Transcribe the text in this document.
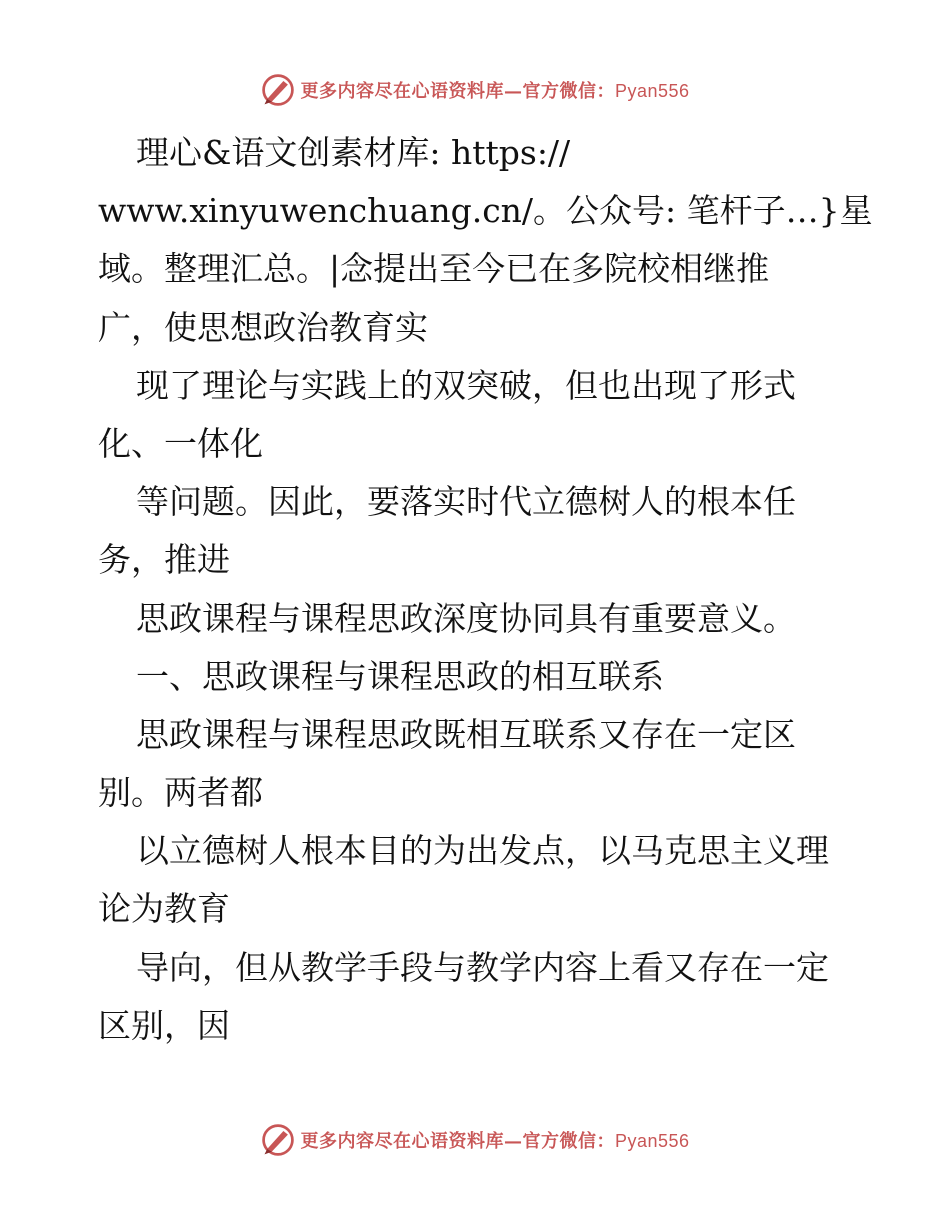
更多内容尽在心语资料库—官方微信：Pyan556
理心&语文创素材库: https://
www.xinyuwenchuang.cn/。公众号: 笔杆子…}星
域。整理汇总。|念提出至今已在多院校相继推
广，使思想政治教育实
现了理论与实践上的双突破，但也出现了形式
化、一体化
等问题。因此，要落实时代立德树人的根本任
务，推进
思政课程与课程思政深度协同具有重要意义。
一、思政课程与课程思政的相互联系
思政课程与课程思政既相互联系又存在一定区
别。两者都
以立德树人根本目的为出发点，以马克思主义理
论为教育
导向，但从教学手段与教学内容上看又存在一定
区别，因
更多内容尽在心语资料库—官方微信：Pyan556
